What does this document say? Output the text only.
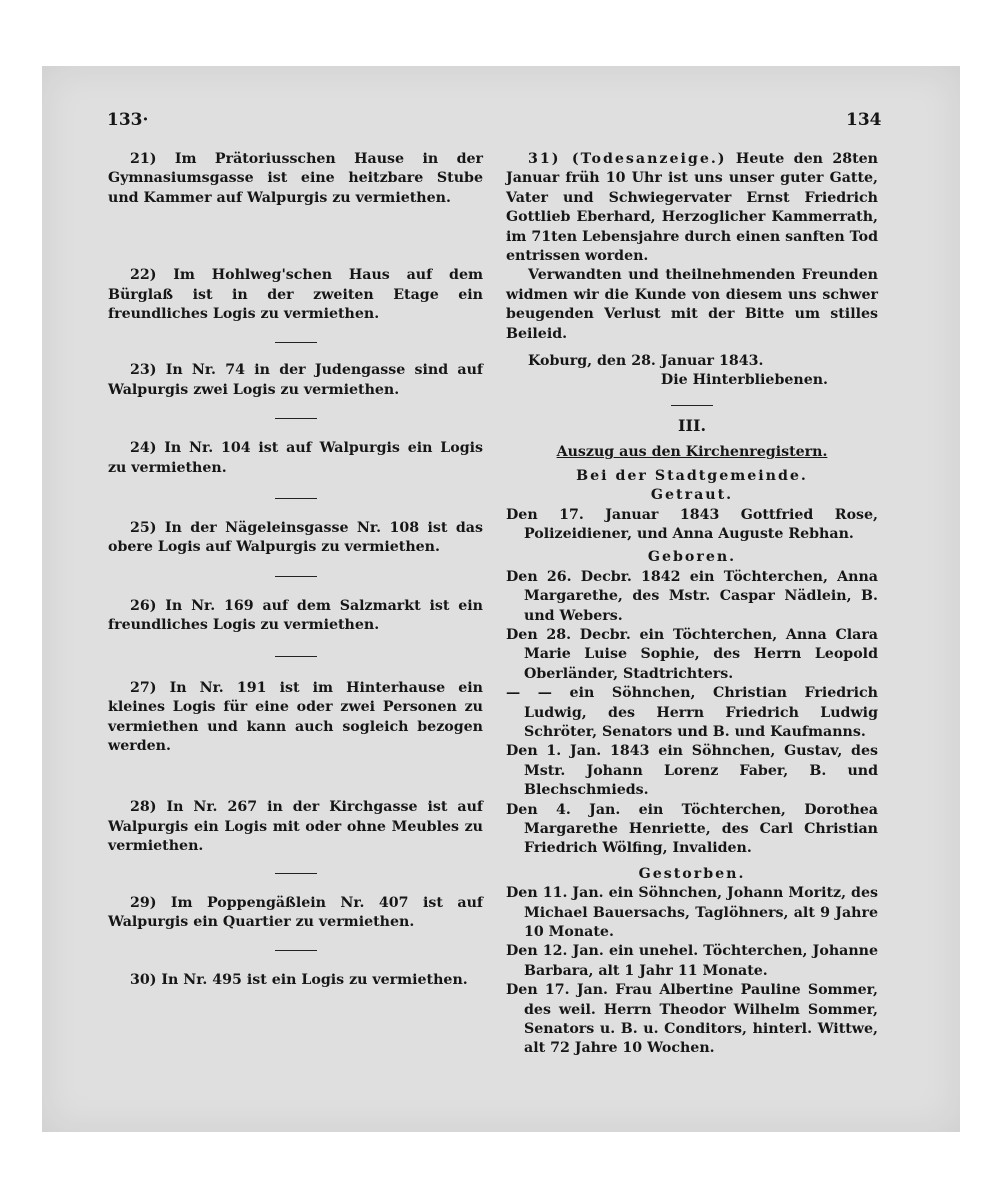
133·	134
21) Im Prätoriusschen Hause in der Gymnasiumsgasse ist eine heitzbare Stube und Kammer auf Walpurgis zu vermiethen.
22) Im Hohlweg'schen Haus auf dem Bürglaß ist in der zweiten Etage ein freundliches Logis zu vermiethen.
23) In Nr. 74 in der Judengasse sind auf Walpurgis zwei Logis zu vermiethen.
24) In Nr. 104 ist auf Walpurgis ein Logis zu vermiethen.
25) In der Nägeleinsgasse Nr. 108 ist das obere Logis auf Walpurgis zu vermiethen.
26) In Nr. 169 auf dem Salzmarkt ist ein freundliches Logis zu vermiethen.
27) In Nr. 191 ist im Hinterhause ein kleines Logis für eine oder zwei Personen zu vermiethen und kann auch sogleich bezogen werden.
28) In Nr. 267 in der Kirchgasse ist auf Walpurgis ein Logis mit oder ohne Meubles zu vermiethen.
29) Im Poppengäßlein Nr. 407 ist auf Walpurgis ein Quartier zu vermiethen.
30) In Nr. 495 ist ein Logis zu vermiethen.
31) (Todesanzeige.) Heute den 28ten Januar früh 10 Uhr ist uns unser guter Gatte, Vater und Schwiegervater Ernst Friedrich Gottlieb Eberhard, Herzoglicher Kammerrath, im 71ten Lebensjahre durch einen sanften Tod entrissen worden.
Verwandten und theilnehmenden Freunden widmen wir die Kunde von diesem uns schwer beugenden Verlust mit der Bitte um stilles Beileid.
Koburg, den 28. Januar 1843.
Die Hinterbliebenen.
III.
Auszug aus den Kirchenregistern.
Bei der Stadtgemeinde.
Getraut.
Den 17. Januar 1843 Gottfried Rose, Polizeidiener, und Anna Auguste Rebhan.
Geboren.
Den 26. Decbr. 1842 ein Töchterchen, Anna Margarethe, des Mstr. Caspar Nädlein, B. und Webers.
Den 28. Decbr. ein Töchterchen, Anna Clara Marie Luise Sophie, des Herrn Leopold Oberländer, Stadtrichters.
— — ein Söhnchen, Christian Friedrich Ludwig, des Herrn Friedrich Ludwig Schröter, Senators und B. und Kaufmanns.
Den 1. Jan. 1843 ein Söhnchen, Gustav, des Mstr. Johann Lorenz Faber, B. und Blechschmieds.
Den 4. Jan. ein Töchterchen, Dorothea Margarethe Henriette, des Carl Christian Friedrich Wölfing, Invaliden.
Gestorben.
Den 11. Jan. ein Söhnchen, Johann Moritz, des Michael Bauersachs, Taglöhners, alt 9 Jahre 10 Monate.
Den 12. Jan. ein unehel. Töchterchen, Johanne Barbara, alt 1 Jahr 11 Monate.
Den 17. Jan. Frau Albertine Pauline Sommer, des weil. Herrn Theodor Wilhelm Sommer, Senators u. B. u. Conditors, hinterl. Wittwe, alt 72 Jahre 10 Wochen.
